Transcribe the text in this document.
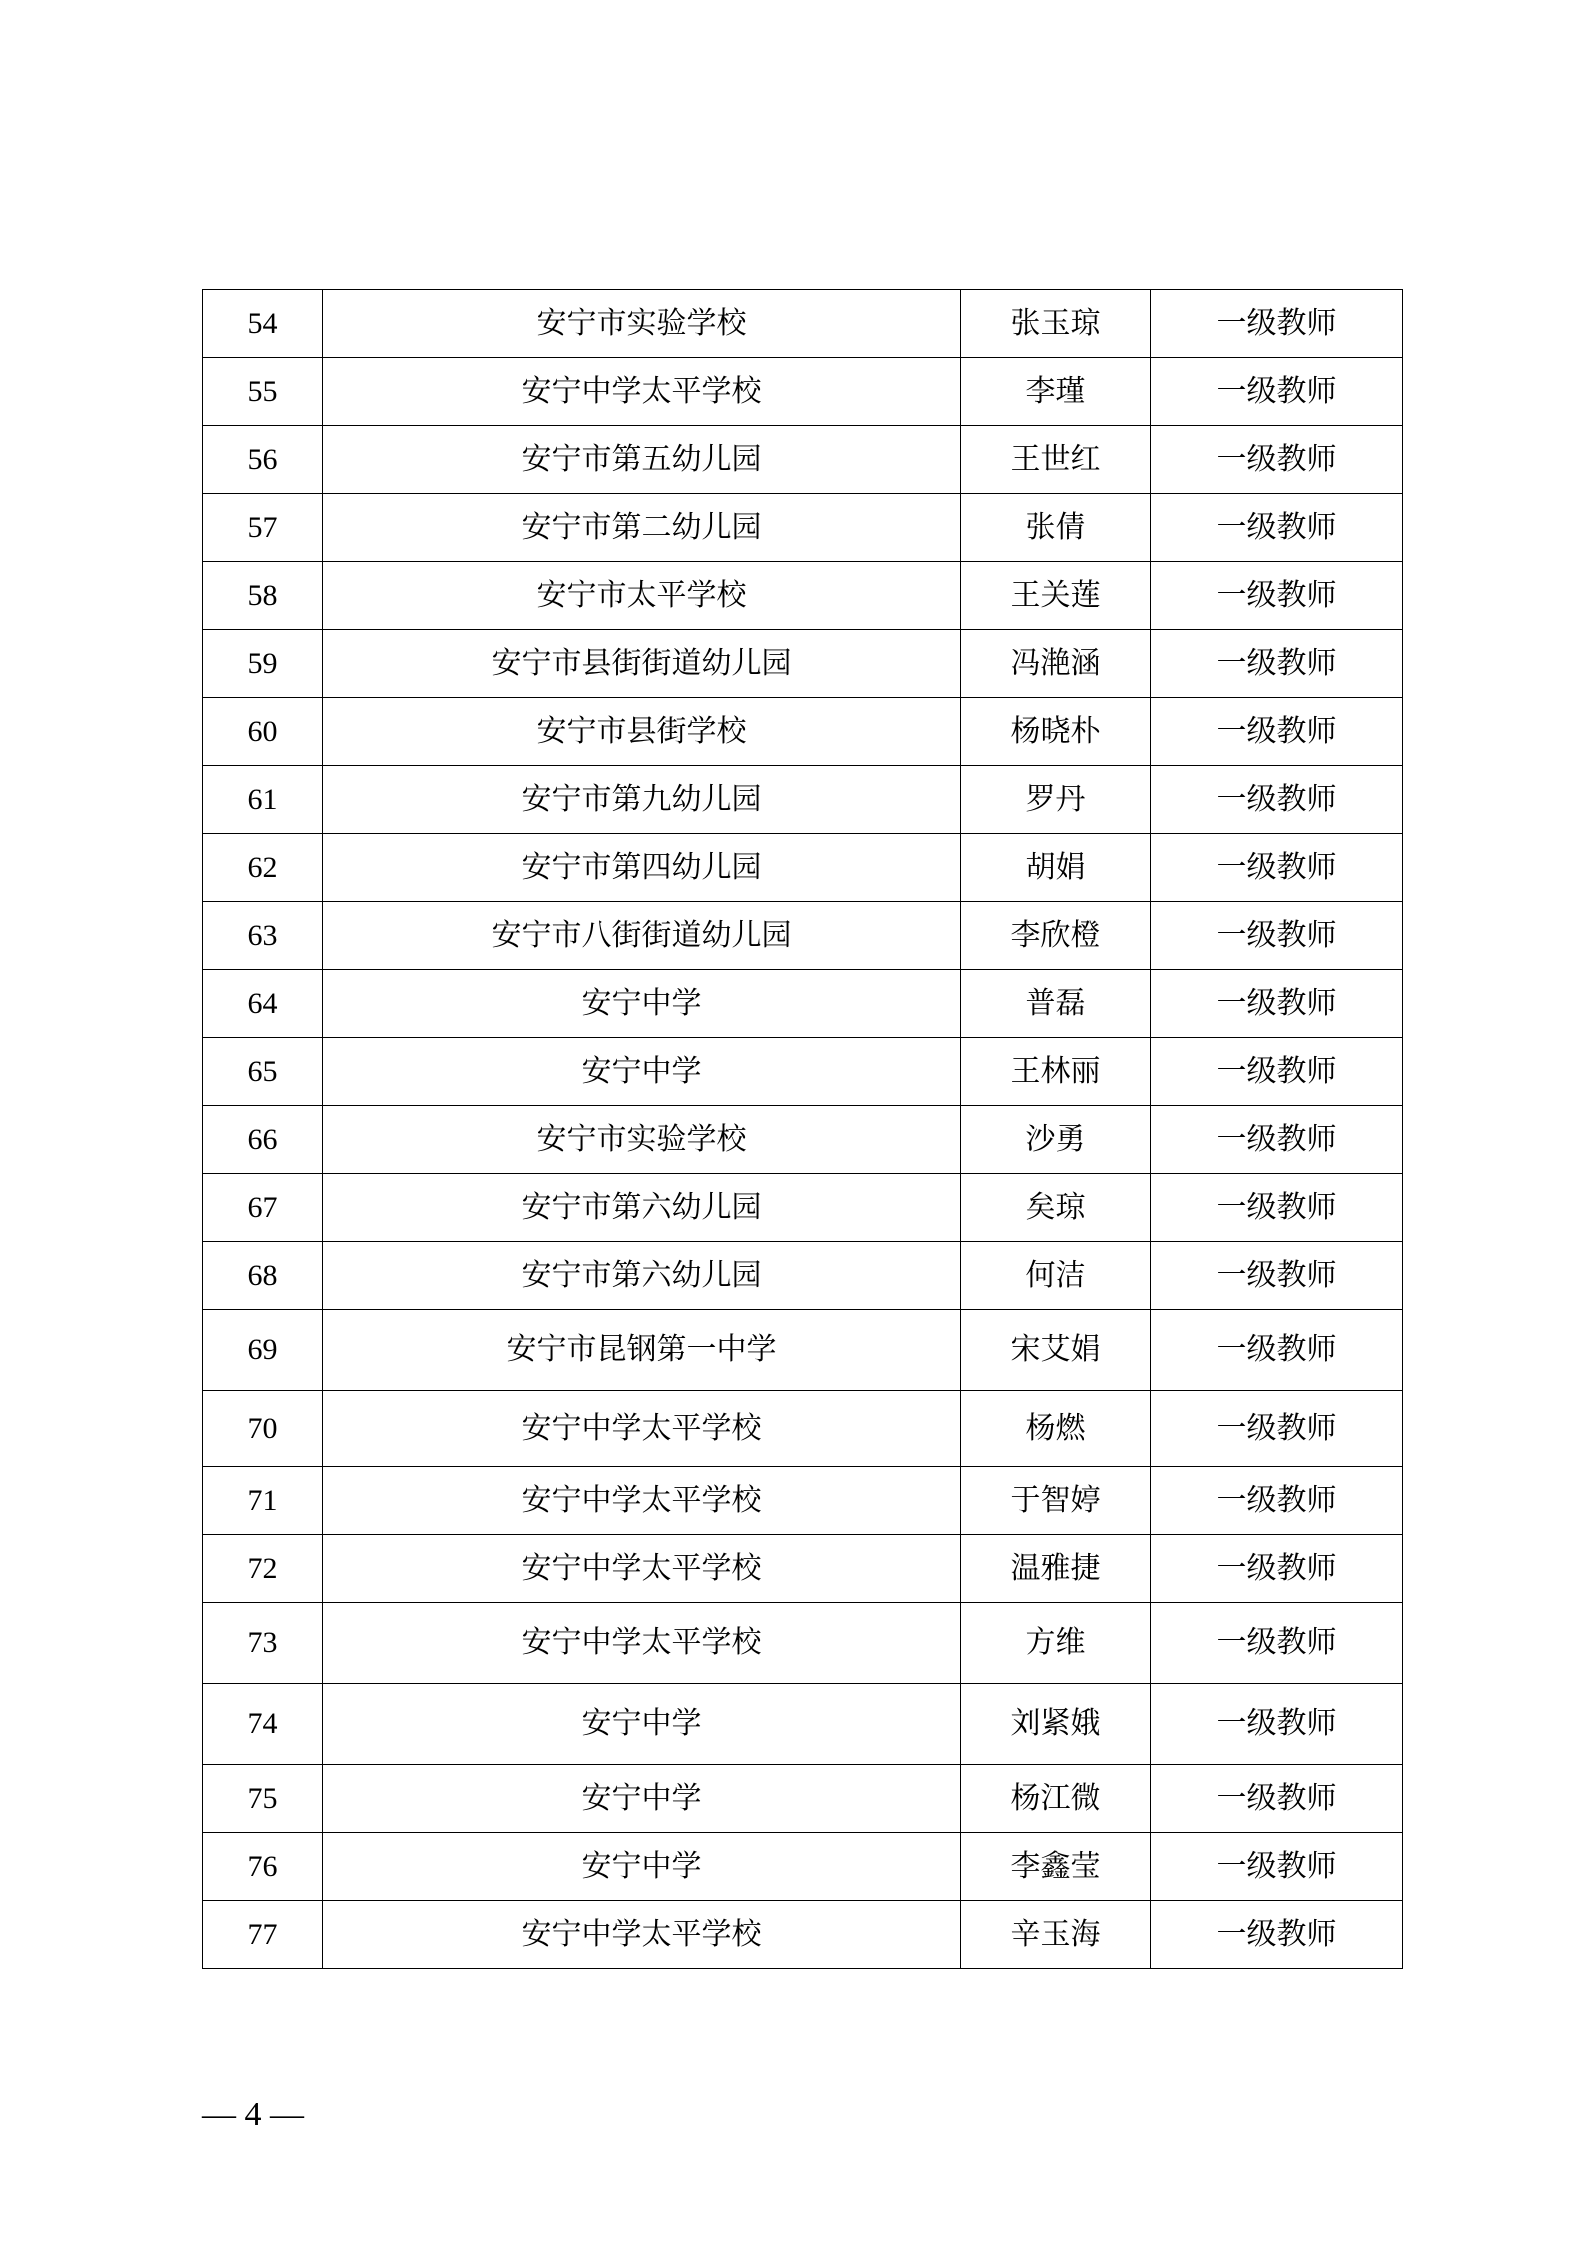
54	安宁市实验学校	张玉琼	一级教师
55	安宁中学太平学校	李瑾	一级教师
56	安宁市第五幼儿园	王世红	一级教师
57	安宁市第二幼儿园	张倩	一级教师
58	安宁市太平学校	王关莲	一级教师
59	安宁市县街街道幼儿园	冯滟涵	一级教师
60	安宁市县街学校	杨晓朴	一级教师
61	安宁市第九幼儿园	罗丹	一级教师
62	安宁市第四幼儿园	胡娟	一级教师
63	安宁市八街街道幼儿园	李欣橙	一级教师
64	安宁中学	普磊	一级教师
65	安宁中学	王林丽	一级教师
66	安宁市实验学校	沙勇	一级教师
67	安宁市第六幼儿园	矣琼	一级教师
68	安宁市第六幼儿园	何洁	一级教师
69	安宁市昆钢第一中学	宋艾娟	一级教师
70	安宁中学太平学校	杨燃	一级教师
71	安宁中学太平学校	于智婷	一级教师
72	安宁中学太平学校	温雅捷	一级教师
73	安宁中学太平学校	方维	一级教师
74	安宁中学	刘紧娥	一级教师
75	安宁中学	杨江微	一级教师
76	安宁中学	李鑫莹	一级教师
77	安宁中学太平学校	辛玉海	一级教师
— 4 —
